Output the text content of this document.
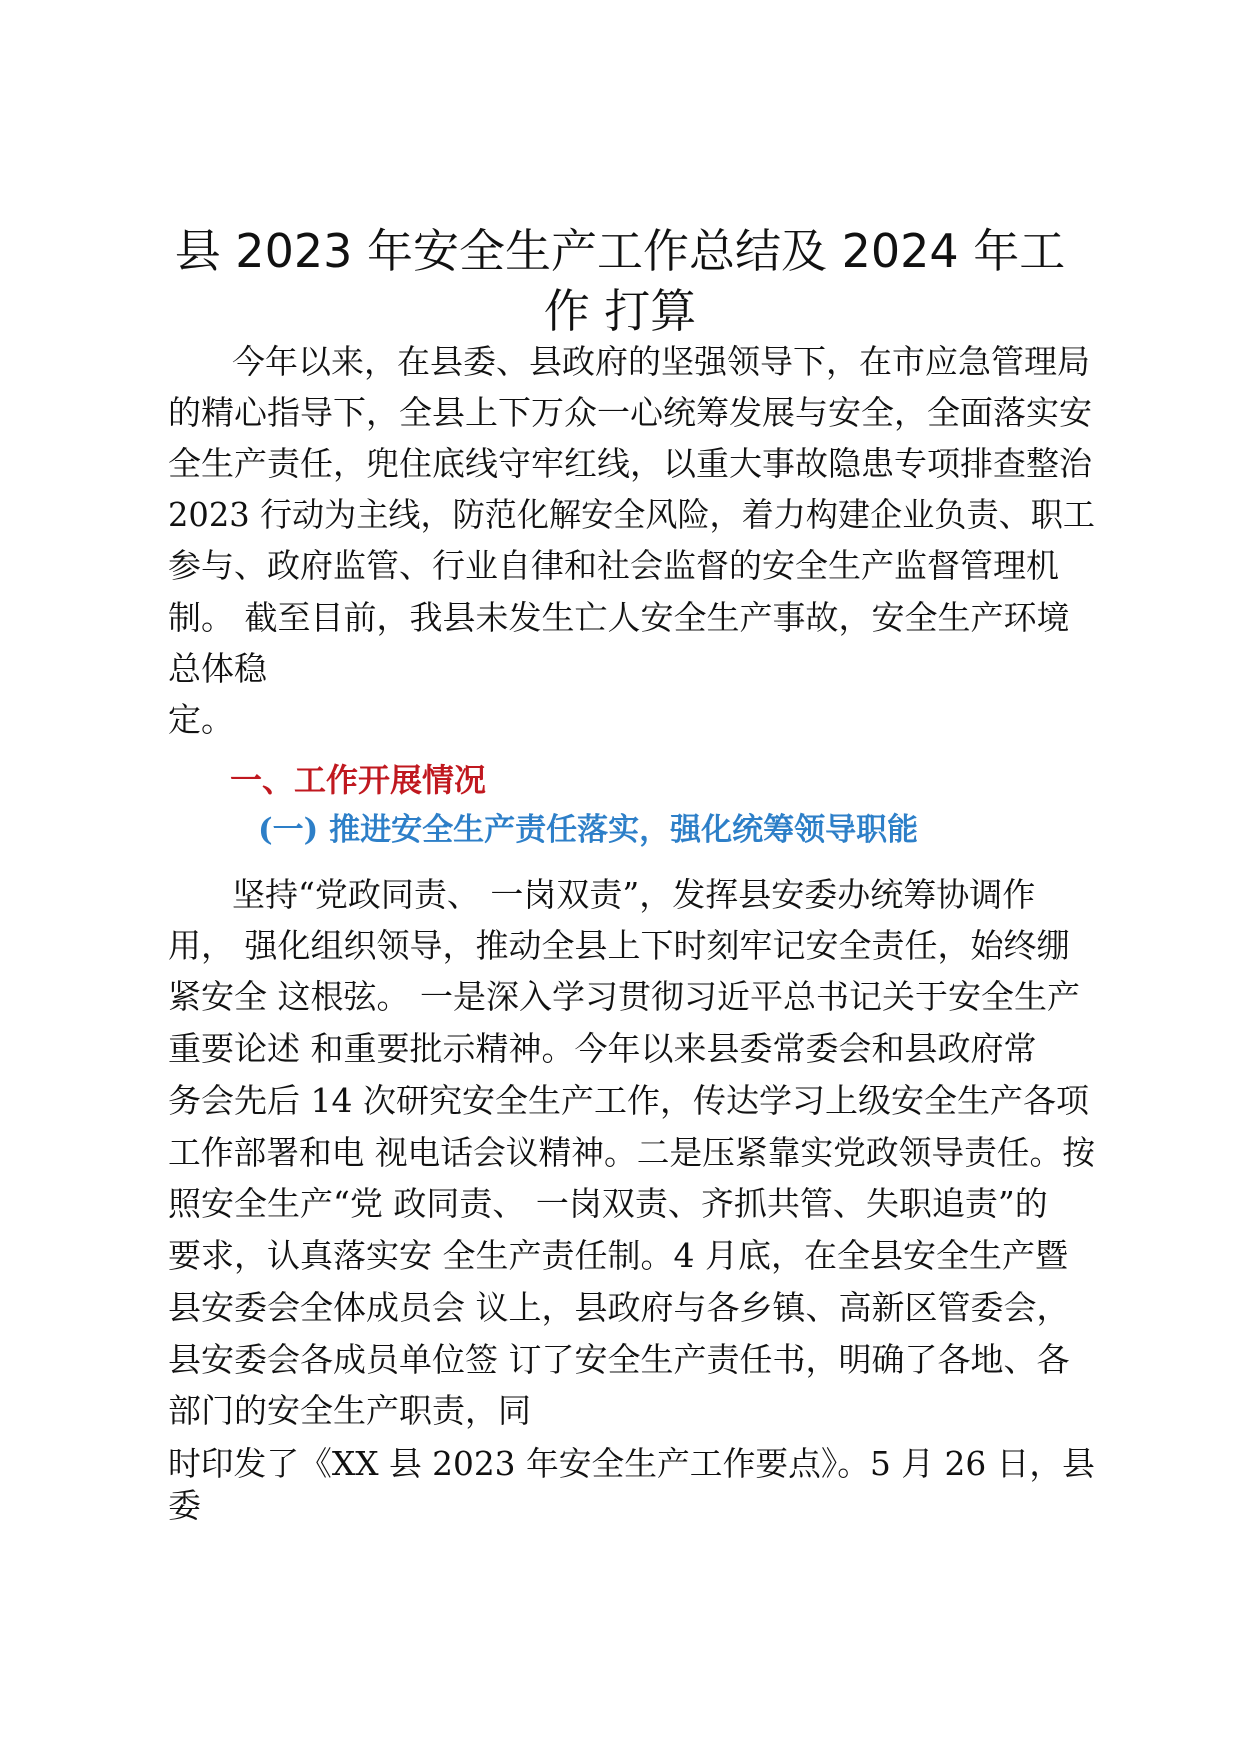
县 2023 年安全生产工作总结及 2024 年工
作 打算

今年以来，在县委、县政府的坚强领导下，在市应急管理局

的精心指导下，全县上下万众一心统筹发展与安全，全面落实安

全生产责任，兜住底线守牢红线，以重大事故隐患专项排查整治

2023 行动为主线，防范化解安全风险，着力构建企业负责、职工

参与、政府监管、行业自律和社会监督的安全生产监督管理机

制。 截至目前，我县未发生亡人安全生产事故，安全生产环境

总体稳

定。

一、工作开展情况
(一) 推进安全生产责任落实，强化统筹领导职能

坚持“党政同责、 一岗双责”，发挥县安委办统筹协调作

用， 强化组织领导，推动全县上下时刻牢记安全责任，始终绷

紧安全 这根弦。 一是深入学习贯彻习近平总书记关于安全生产

重要论述 和重要批示精神。今年以来县委常委会和县政府常

务会先后 14 次研究安全生产工作，传达学习上级安全生产各项

工作部署和电 视电话会议精神。二是压紧靠实党政领导责任。按

照安全生产“党 政同责、 一岗双责、齐抓共管、失职追责”的

要求，认真落实安 全生产责任制。4 月底，在全县安全生产暨

县安委会全体成员会 议上，县政府与各乡镇、高新区管委会，

县安委会各成员单位签 订了安全生产责任书，明确了各地、各

部门的安全生产职责，同

时印发了《XX 县 2023 年安全生产工作要点》。5 月 26 日，县

委
